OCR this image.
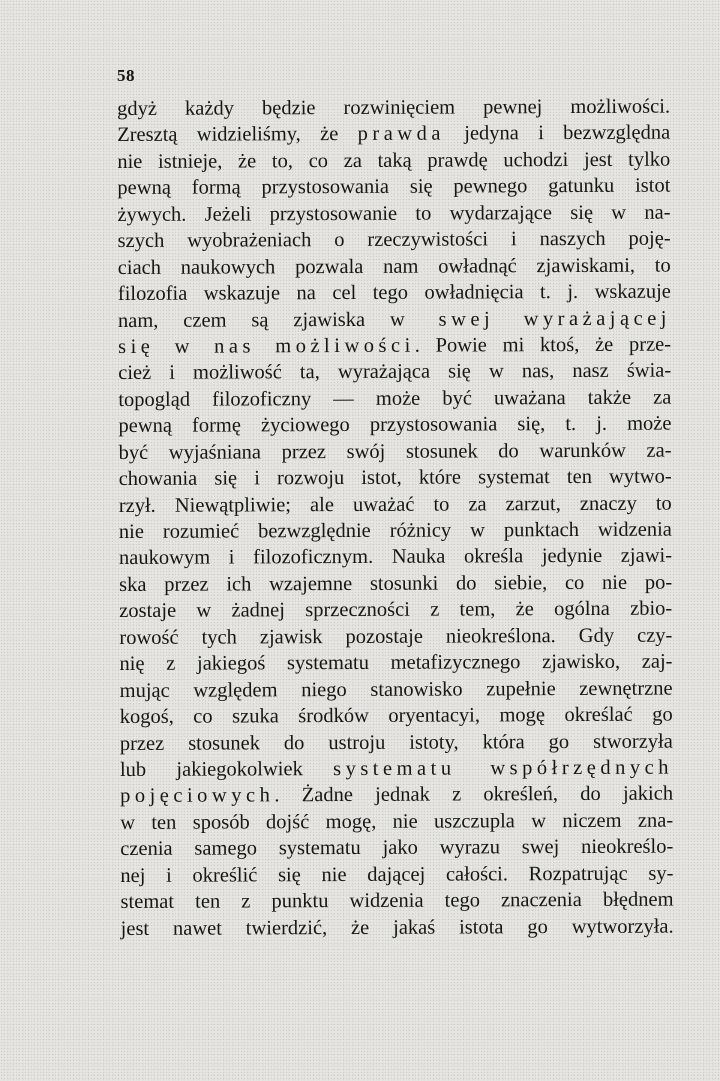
58
gdyż każdy będzie rozwinięciem pewnej możliwości.
Zresztą widzieliśmy, że prawda jedyna i bezwzględna
nie istnieje, że to, co za taką prawdę uchodzi jest tylko
pewną formą przystosowania się pewnego gatunku istot
żywych. Jeżeli przystosowanie to wydarzające się w na-
szych wyobrażeniach o rzeczywistości i naszych poję-
ciach naukowych pozwala nam owładnąć zjawiskami, to
filozofia wskazuje na cel tego owładnięcia t. j. wskazuje
nam, czem są zjawiska w swej wyrażającej
się w nas możliwości. Powie mi ktoś, że prze-
cież i możliwość ta, wyrażająca się w nas, nasz świa-
topogląd filozoficzny — może być uważana także za
pewną formę życiowego przystosowania się, t. j. może
być wyjaśniana przez swój stosunek do warunków za-
chowania się i rozwoju istot, które systemat ten wytwo-
rzył. Niewątpliwie; ale uważać to za zarzut, znaczy to
nie rozumieć bezwzględnie różnicy w punktach widzenia
naukowym i filozoficznym. Nauka określa jedynie zjawi-
ska przez ich wzajemne stosunki do siebie, co nie po-
zostaje w żadnej sprzeczności z tem, że ogólna zbio-
rowość tych zjawisk pozostaje nieokreślona. Gdy czy-
nię z jakiegoś systematu metafizycznego zjawisko, zaj-
mując względem niego stanowisko zupełnie zewnętrzne
kogoś, co szuka środków oryentacyi, mogę określać go
przez stosunek do ustroju istoty, która go stworzyła
lub jakiegokolwiek systematu współrzędnych
pojęciowych. Żadne jednak z określeń, do jakich
w ten sposób dojść mogę, nie uszczupla w niczem zna-
czenia samego systematu jako wyrazu swej nieokreślo-
nej i określić się nie dającej całości. Rozpatrując sy-
stemat ten z punktu widzenia tego znaczenia błędnem
jest nawet twierdzić, że jakaś istota go wytworzyła.
